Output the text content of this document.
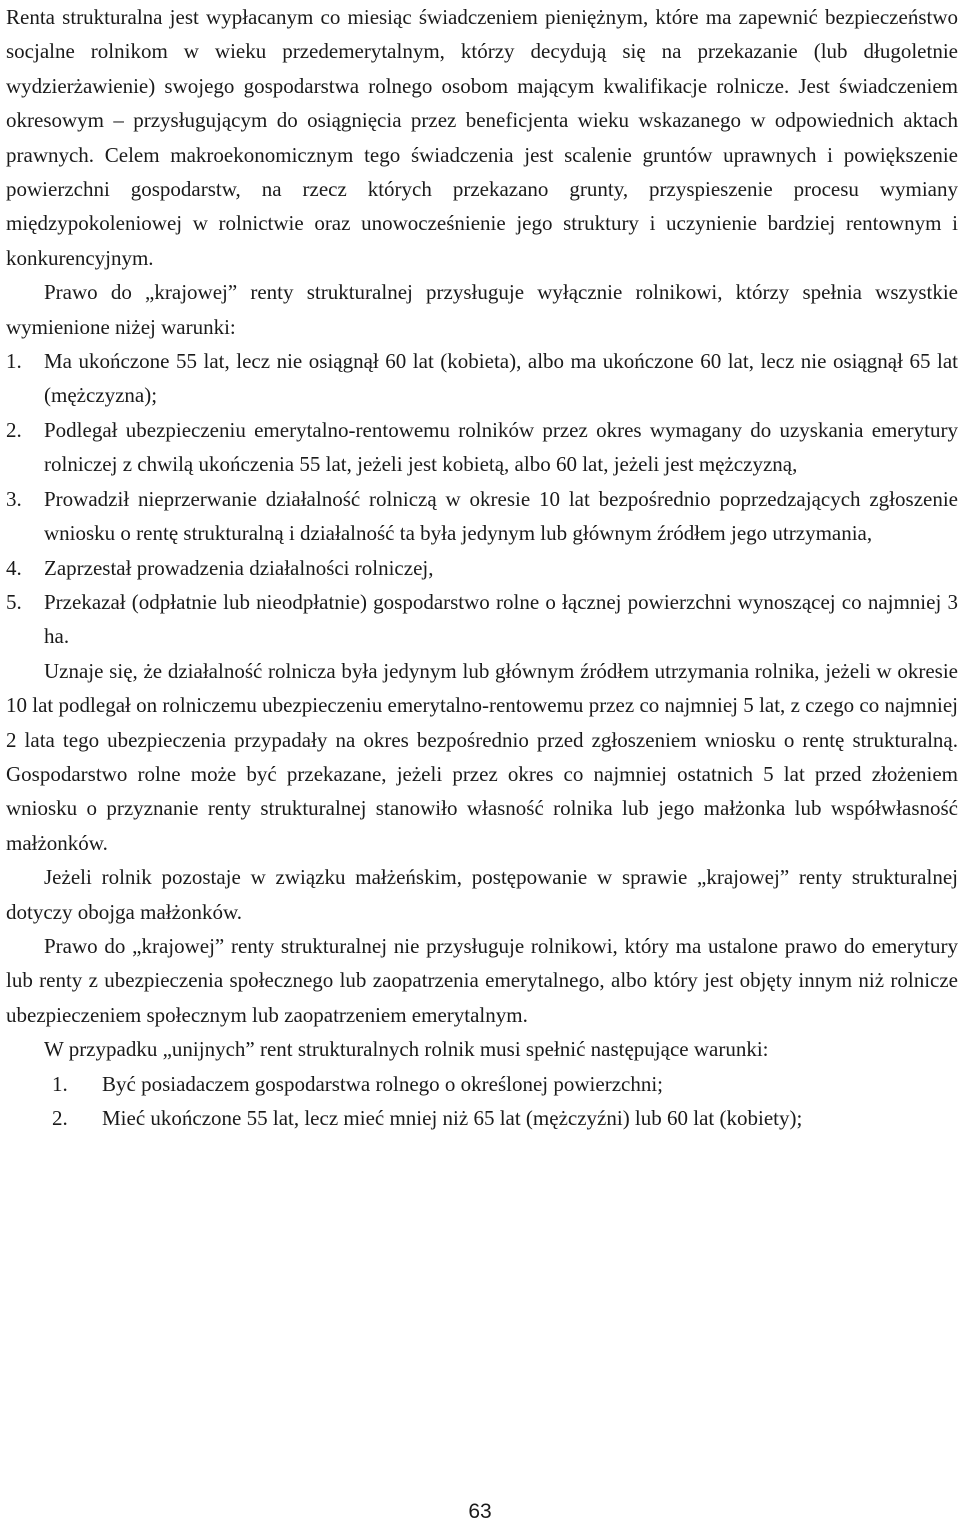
Renta strukturalna jest wypłacanym co miesiąc świadczeniem pieniężnym, które ma zapewnić bezpieczeństwo socjalne rolnikom w wieku przedemerytalnym, którzy decydują się na przekazanie (lub długoletnie wydzierżawienie) swojego gospodarstwa rolnego osobom mającym kwalifikacje rolnicze. Jest świadczeniem okresowym – przysługującym do osiągnięcia przez beneficjenta wieku wskazanego w odpowiednich aktach prawnych. Celem makroekonomicznym tego świadczenia jest scalenie gruntów uprawnych i powiększenie powierzchni gospodarstw, na rzecz których przekazano grunty, przyspieszenie procesu wymiany międzypokoleniowej w rolnictwie oraz unowocześnienie jego struktury i uczynienie bardziej rentownym i konkurencyjnym.

Prawo do „krajowej” renty strukturalnej przysługuje wyłącznie rolnikowi, którzy spełnia wszystkie wymienione niżej warunki:

1.	Ma ukończone 55 lat, lecz nie osiągnął 60 lat (kobieta), albo ma ukończone 60 lat, lecz nie osiągnął 65 lat (mężczyzna);
2.	Podlegał ubezpieczeniu emerytalno-rentowemu rolników przez okres wymagany do uzyskania emerytury rolniczej z chwilą ukończenia 55 lat, jeżeli jest kobietą, albo 60 lat, jeżeli jest mężczyzną,
3.	Prowadził nieprzerwanie działalność rolniczą w okresie 10 lat bezpośrednio poprzedzających zgłoszenie wniosku o rentę strukturalną i działalność ta była jedynym lub głównym źródłem jego utrzymania,
4.	Zaprzestał prowadzenia działalności rolniczej,
5.	Przekazał (odpłatnie lub nieodpłatnie) gospodarstwo rolne o łącznej powierzchni wynoszącej co najmniej 3 ha.

Uznaje się, że działalność rolnicza była jedynym lub głównym źródłem utrzymania rolnika, jeżeli w okresie 10 lat podlegał on rolniczemu ubezpieczeniu emerytalno-rentowemu przez co najmniej 5 lat, z czego co najmniej 2 lata tego ubezpieczenia przypadały na okres bezpośrednio przed zgłoszeniem wniosku o rentę strukturalną. Gospodarstwo rolne może być przekazane, jeżeli przez okres co najmniej ostatnich 5 lat przed złożeniem wniosku o przyznanie renty strukturalnej stanowiło własność rolnika lub jego małżonka lub współwłasność małżonków.

Jeżeli rolnik pozostaje w związku małżeńskim, postępowanie w sprawie „krajowej” renty strukturalnej dotyczy obojga małżonków.

Prawo do „krajowej” renty strukturalnej nie przysługuje rolnikowi, który ma ustalone prawo do emerytury lub renty z ubezpieczenia społecznego lub zaopatrzenia emerytalnego, albo który jest objęty innym niż rolnicze ubezpieczeniem społecznym lub zaopatrzeniem emerytalnym.

W przypadku „unijnych” rent strukturalnych rolnik musi spełnić następujące warunki:

1.	Być posiadaczem gospodarstwa rolnego o określonej powierzchni;
2.	Mieć ukończone 55 lat, lecz mieć mniej niż 65 lat (mężczyźni) lub 60 lat (kobiety);
63
